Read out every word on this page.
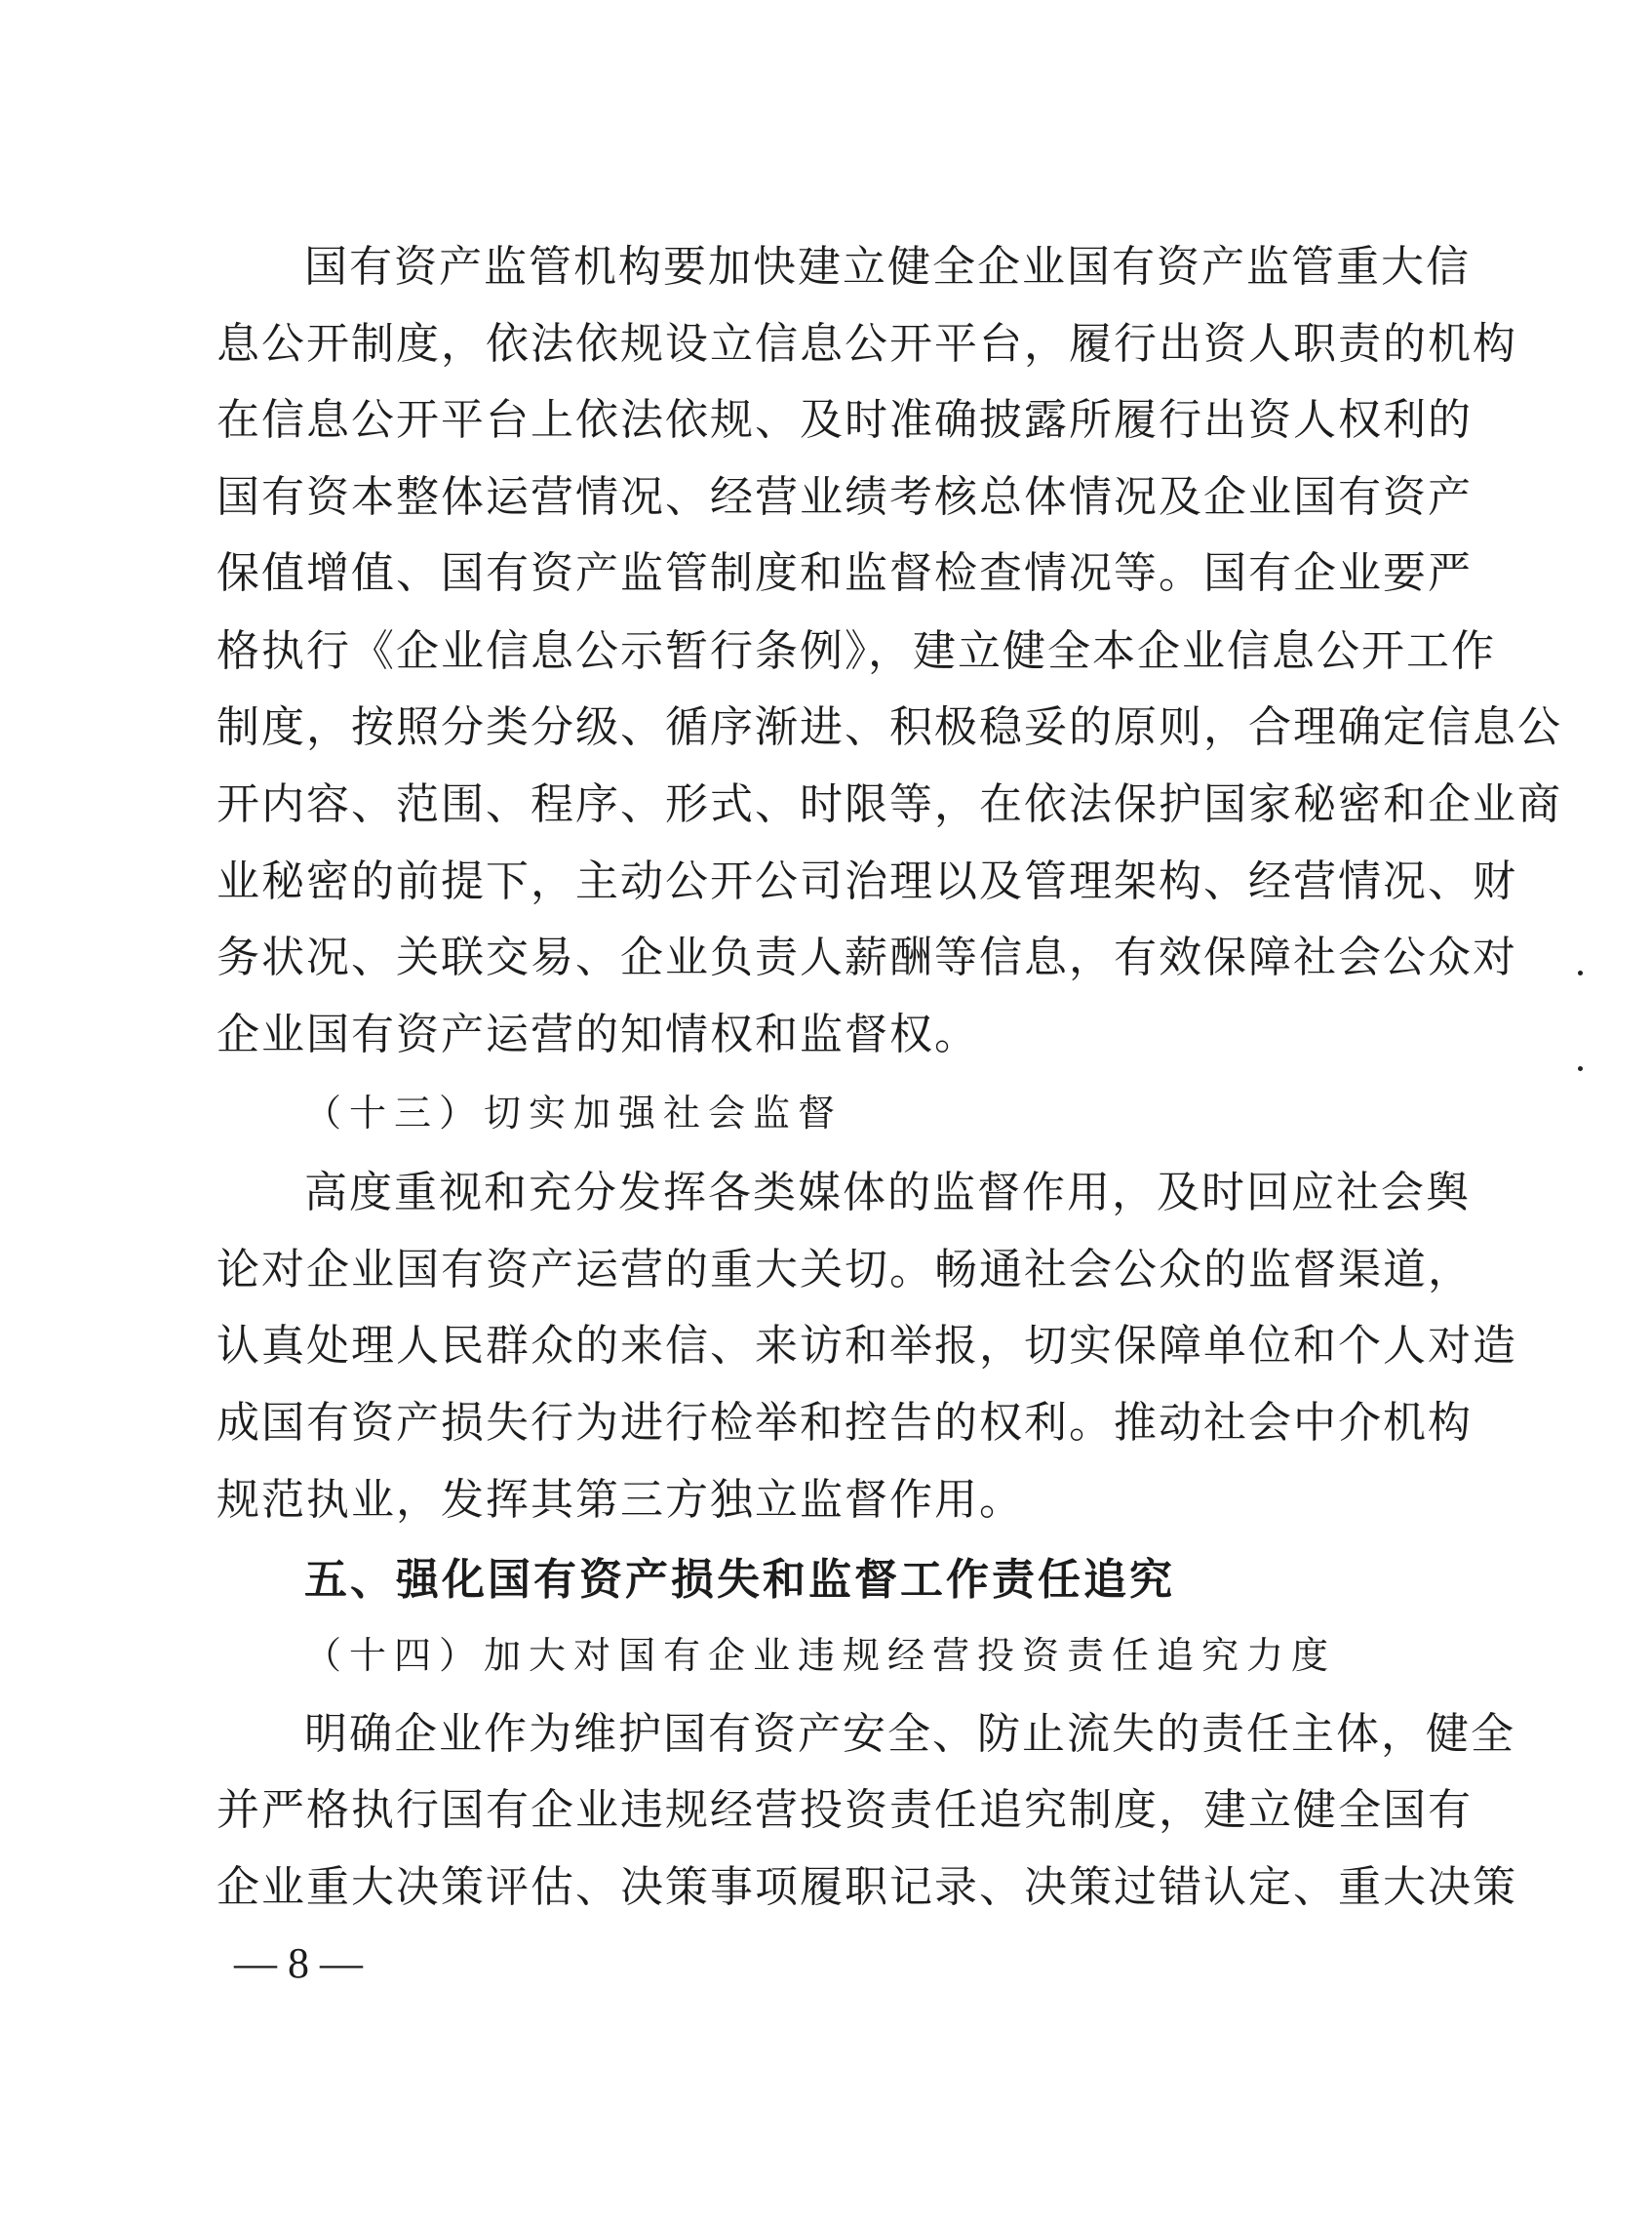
国有资产监管机构要加快建立健全企业国有资产监管重大信
息公开制度，依法依规设立信息公开平台，履行出资人职责的机构
在信息公开平台上依法依规、及时准确披露所履行出资人权利的
国有资本整体运营情况、经营业绩考核总体情况及企业国有资产
保值增值、国有资产监管制度和监督检查情况等。国有企业要严
格执行《企业信息公示暂行条例》，建立健全本企业信息公开工作
制度，按照分类分级、循序渐进、积极稳妥的原则，合理确定信息公
开内容、范围、程序、形式、时限等，在依法保护国家秘密和企业商
业秘密的前提下，主动公开公司治理以及管理架构、经营情况、财
务状况、关联交易、企业负责人薪酬等信息，有效保障社会公众对
企业国有资产运营的知情权和监督权。
（十三）切实加强社会监督
高度重视和充分发挥各类媒体的监督作用，及时回应社会舆
论对企业国有资产运营的重大关切。畅通社会公众的监督渠道，
认真处理人民群众的来信、来访和举报，切实保障单位和个人对造
成国有资产损失行为进行检举和控告的权利。推动社会中介机构
规范执业，发挥其第三方独立监督作用。
五、强化国有资产损失和监督工作责任追究
（十四）加大对国有企业违规经营投资责任追究力度
明确企业作为维护国有资产安全、防止流失的责任主体，健全
并严格执行国有企业违规经营投资责任追究制度，建立健全国有
企业重大决策评估、决策事项履职记录、决策过错认定、重大决策
— 8 —
